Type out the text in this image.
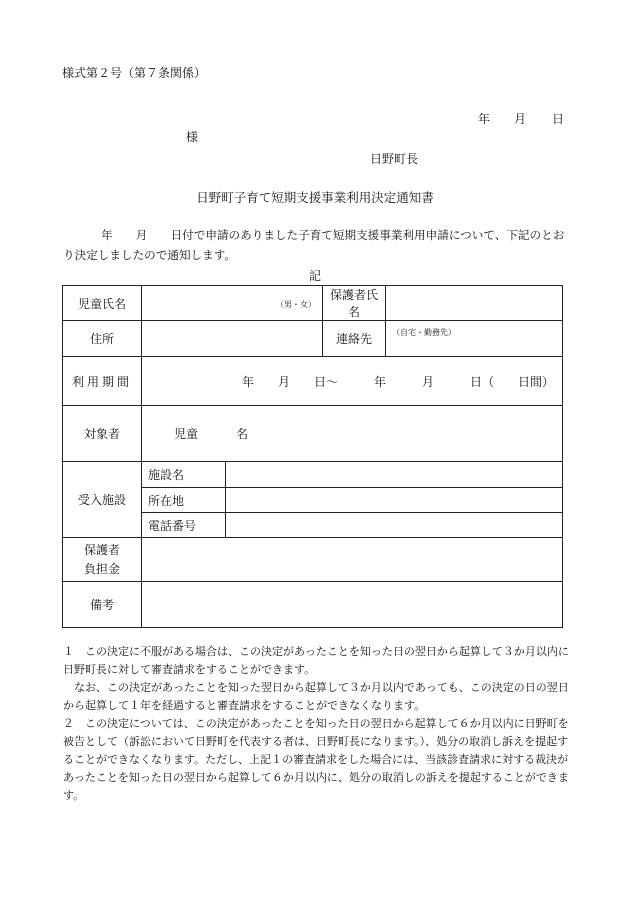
様式第２号（第７条関係）
年 月 日
様
日野町長
日野町子育て短期支援事業利用決定通知書
年　　月　　日付で申請のありました子育て短期支援事業利用申請について、下記のとおり決定しましたので通知します。
記
児童氏名	（男・女）		保護者氏名	
住所			連絡先	（自宅・勤務先）
利用期間	年　　月　　日〜　　　年　　　月　　　日（　　日間）			
対象者	児童 名			
受入施設	施設名			
	所在地			
	電話番号			

保護者
負担金				

備考				

１　この決定に不服がある場合は、この決定があったことを知った日の翌日から起算して３か月以内に日野町長に対して審査請求をすることができます。

なお、この決定があったことを知った翌日から起算して３か月以内であっても、この決定の日の翌日から起算して１年を経過すると審査請求をすることができなくなります。

２　この決定については、この決定があったことを知った日の翌日から起算して６か月以内に日野町を被告として（訴訟において日野町を代表する者は、日野町長になります。）、処分の取消し訴えを提起することができなくなります。ただし、上記１の審査請求をした場合には、当該診査請求に対する裁決があったことを知った日の翌日から起算して６か月以内に、処分の取消しの訴えを提起することができます。
